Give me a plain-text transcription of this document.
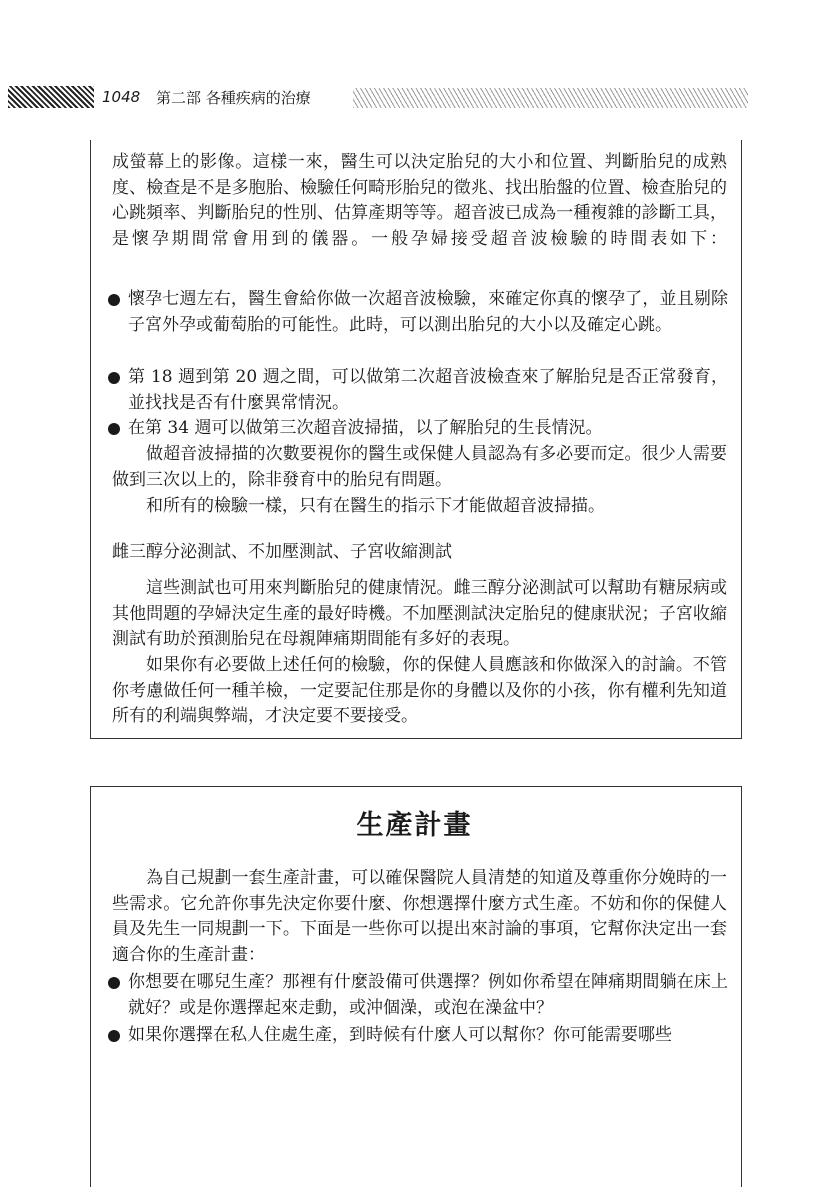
1048 第二部 各種疾病的治療
成螢幕上的影像。這樣一來，醫生可以決定胎兒的大小和位置、判斷胎兒的成熟度、檢查是不是多胞胎、檢驗任何畸形胎兒的徵兆、找出胎盤的位置、檢查胎兒的心跳頻率、判斷胎兒的性別、估算產期等等。超音波已成為一種複雜的診斷工具，是懷孕期間常會用到的儀器。一般孕婦接受超音波檢驗的時間表如下：
懷孕七週左右，醫生會給你做一次超音波檢驗，來確定你真的懷孕了，並且剔除子宮外孕或葡萄胎的可能性。此時，可以測出胎兒的大小以及確定心跳。
第 18 週到第 20 週之間，可以做第二次超音波檢查來了解胎兒是否正常發育，並找找是否有什麼異常情況。
在第 34 週可以做第三次超音波掃描，以了解胎兒的生長情況。
做超音波掃描的次數要視你的醫生或保健人員認為有多必要而定。很少人需要做到三次以上的，除非發育中的胎兒有問題。
和所有的檢驗一樣，只有在醫生的指示下才能做超音波掃描。
雌三醇分泌測試、不加壓測試、子宮收縮測試
這些測試也可用來判斷胎兒的健康情況。雌三醇分泌測試可以幫助有糖尿病或其他問題的孕婦決定生產的最好時機。不加壓測試決定胎兒的健康狀況；子宮收縮測試有助於預測胎兒在母親陣痛期間能有多好的表現。
如果你有必要做上述任何的檢驗，你的保健人員應該和你做深入的討論。不管你考慮做任何一種羊檢，一定要記住那是你的身體以及你的小孩，你有權利先知道所有的利端與弊端，才決定要不要接受。
生產計畫
為自己規劃一套生產計畫，可以確保醫院人員清楚的知道及尊重你分娩時的一些需求。它允許你事先決定你要什麼、你想選擇什麼方式生產。不妨和你的保健人員及先生一同規劃一下。下面是一些你可以提出來討論的事項，它幫你決定出一套適合你的生產計畫：
你想要在哪兒生產？那裡有什麼設備可供選擇？例如你希望在陣痛期間躺在床上就好？或是你選擇起來走動，或沖個澡，或泡在澡盆中？
如果你選擇在私人住處生產，到時候有什麼人可以幫你？你可能需要哪些
